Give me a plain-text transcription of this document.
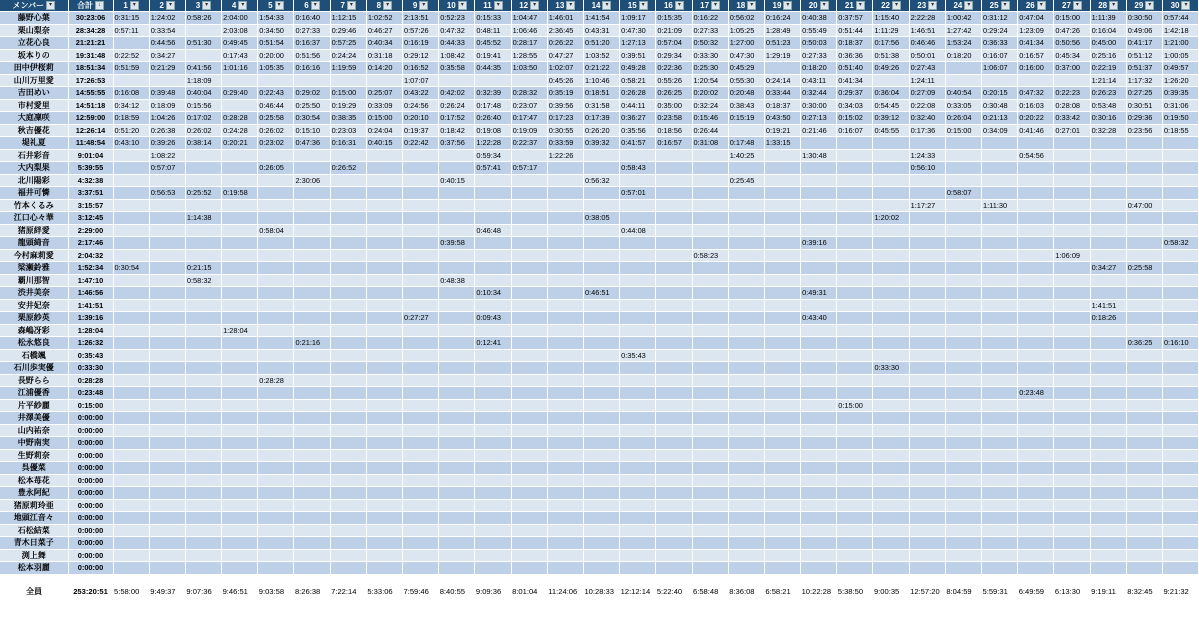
メンバー ▾	合計 ↓	1 ▾	2 ▾	3 ▾	4 ▾	5 ▾	6 ▾	7 ▾	8 ▾	9 ▾	10 ▾	11 ▾	12 ▾	13 ▾	14 ▾	15 ▾	16 ▾	17 ▾	18 ▾	19 ▾	20 ▾	21 ▾	22 ▾	23 ▾	24 ▾	25 ▾	26 ▾	27 ▾	28 ▾	29 ▾	30 ▾
藤野心葉	30:23:06	0:31:15	1:24:02	0:58:26	2:04:00	1:54:33	0:16:40	1:12:15	1:02:52	2:13:51	0:52:23	0:15:33	1:04:47	1:46:01	1:41:54	1:09:17	0:15:35	0:16:22	0:56:02	0:16:24	0:40:38	0:37:57	1:15:40	2:22:28	1:00:42	0:31:12	0:47:04	0:15:00	1:11:39	0:30:50	0:57:44
栗山梨奈	28:34:28	0:57:11	0:33:54		2:03:08	0:34:50	0:27:33	0:29:46	0:46:27	0:57:26	0:47:32	0:48:11	1:06:46	2:36:45	0:43:31	0:47:30	0:21:09	0:27:33	1:05:25	1:28:49	0:55:49	0:51:44	1:11:29	1:46:51	1:27:42	0:29:24	1:23:09	0:47:26	0:16:04	0:49:06	1:42:18
立花心良	21:21:21		0:44:56	0:51:30	0:49:45	0:51:54	0:16:37	0:57:25	0:40:34	0:16:19	0:44:33	0:45:52	0:28:17	0:26:22	0:51:20	1:27:13	0:57:04	0:50:32	1:27:00	0:51:23	0:50:03	0:18:37	0:17:56	0:46:46	1:53:24	0:36:33	0:41:34	0:50:56	0:45:00	0:41:17	1:21:00
坂本りの	19:31:48	0:22:52	0:34:27		0:17:43	0:20:00	0:51:56	0:24:24	0:31:18	0:29:12	1:08:42	0:19:41	1:28:55	0:47:27	1:03:52	0:39:51	0:29:34	0:33:30	0:47:30	1:29:19	0:27:33	0:36:36	0:51:38	0:50:01	0:18:20	0:16:07	0:16:57	0:45:34	0:25:16	0:51:12	1:00:05
田中伊桜莉	18:51:34	0:51:59	0:21:29	0:41:56	1:01:16	1:05:35	0:16:16	1:19:59	0:14:20	0:16:52	0:35:58	0:44:35	1:03:50	1:02:07	0:21:22	0:49:28	0:22:36	0:25:30	0:45:29		0:18:20	0:51:40	0:49:26	0:27:43		1:06:07	0:16:00	0:37:00	0:22:19	0:51:37	0:49:57
山川万里愛	17:26:53			1:18:09						1:07:07				0:45:26	1:10:46	0:58:21	0:55:26	1:20:54	0:55:30	0:24:14	0:43:11	0:41:34		1:24:11					1:21:14	1:17:32	1:26:20
吉田めい	14:55:55	0:16:08	0:39:48	0:40:04	0:29:40	0:22:43	0:29:02	0:15:00	0:25:07	0:43:22	0:42:02	0:32:39	0:28:32	0:35:19	0:18:51	0:26:28	0:26:25	0:20:02	0:20:48	0:33:44	0:32:44	0:29:37	0:36:04	0:27:09	0:40:54	0:20:15	0:47:32	0:22:23	0:26:23	0:27:25	0:39:35
市村愛里	14:51:18	0:34:12	0:18:09	0:15:56		0:46:44	0:25:50	0:19:29	0:33:09	0:24:56	0:26:24	0:17:48	0:23:07	0:39:56	0:31:58	0:44:11	0:35:00	0:32:24	0:38:43	0:18:37	0:30:00	0:34:03	0:54:45	0:22:08	0:33:05	0:30:48	0:16:03	0:28:08	0:53:48	0:30:51	0:31:06
大庭凜咲	12:59:00	0:18:59	1:04:26	0:17:02	0:28:28	0:25:58	0:30:54	0:38:35	0:15:00	0:20:10	0:17:52	0:26:40	0:17:47	0:17:23	0:17:39	0:36:27	0:23:58	0:15:46	0:15:19	0:43:50	0:27:13	0:15:02	0:39:12	0:32:40	0:26:04	0:21:13	0:20:22	0:33:42	0:30:16	0:29:36	0:19:50
秋吉優花	12:26:14	0:51:20	0:26:38	0:26:02	0:24:28	0:26:02	0:15:10	0:23:03	0:24:04	0:19:37	0:18:42	0:19:08	0:19:09	0:30:55	0:26:20	0:35:56	0:18:56	0:26:44		0:19:21	0:21:46	0:16:07	0:45:55	0:17:36	0:15:00	0:34:09	0:41:46	0:27:01	0:32:28	0:23:56	0:18:55
堤礼夏	11:48:54	0:43:10	0:39:26	0:38:14	0:20:21	0:23:02	0:47:36	0:16:31	0:40:15	0:22:42	0:37:56	1:22:28	0:22:37	0:33:59	0:39:32	0:41:57	0:16:57	0:31:08	0:17:48	1:33:15											
石井彩音	9:01:04		1:08:22									0:59:34		1:22:26					1:40:25		1:30:48			1:24:33			0:54:56				
大内梨果	5:39:55		0:57:07			0:26:05		0:26:52				0:57:41	0:57:17			0:58:43								0:56:10							
北川陽彩	4:32:38						2:30:06				0:40:15				0:56:32				0:25:45												
福井可憐	3:37:51		0:56:53	0:25:52	0:19:58											0:57:01									0:58:07						
竹本くるみ	3:15:57																							1:17:27		1:11:30				0:47:00	
江口心々華	3:12:45			1:14:38											0:38:05								1:20:02								
猪原絆愛	2:29:00					0:58:04						0:46:48				0:44:08															
龍頭綺音	2:17:46										0:39:58										0:39:16										0:58:32
今村麻莉愛	2:04:32																	0:58:23										1:06:09			
梁瀬鈴雅	1:52:34	0:30:54		0:21:15																									0:34:27	0:25:58	
覇川那智	1:47:10			0:58:32							0:48:38																				
渋井美奈	1:46:56											0:10:34			0:46:51						0:49:31										
安井妃奈	1:41:51																												1:41:51		
栗原紗英	1:39:16									0:27:27		0:09:43									0:43:40								0:18:26		
森嶋冴彩	1:28:04				1:28:04																										
松永悠良	1:26:32						0:21:16					0:12:41																		0:36:25	0:16:10
石橋颯	0:35:43															0:35:43															
石川歩実優	0:33:30																						0:33:30								
長野らら	0:28:28					0:28:28																									
江浦優香	0:23:48																										0:23:48				
片平紗麗	0:15:00																					0:15:00									
井澤美優	0:00:00																														
山内祐奈	0:00:00																														
中野南実	0:00:00																														
生野莉奈	0:00:00																														
呉優菜	0:00:00																														
松本苺花	0:00:00																														
豊永阿紀	0:00:00																														
猪原莉玲亜	0:00:00																														
地頭江音々	0:00:00																														
石松結菜	0:00:00																														
青木日菜子	0:00:00																														
渕上舞	0:00:00																														
松本羽麗	0:00:00																														

全員	253:20:51	5:58:00	9:49:37	9:07:36	9:46:51	9:03:58	8:26:38	7:22:14	5:33:06	7:59:46	8:40:55	9:09:36	8:01:04	11:24:06	10:28:33	12:12:14	5:22:40	6:58:48	8:36:08	6:58:21	10:22:28	5:38:50	9:00:35	12:57:20	8:04:59	5:59:31	6:49:59	6:13:30	9:19:11	8:32:45	9:21:32
